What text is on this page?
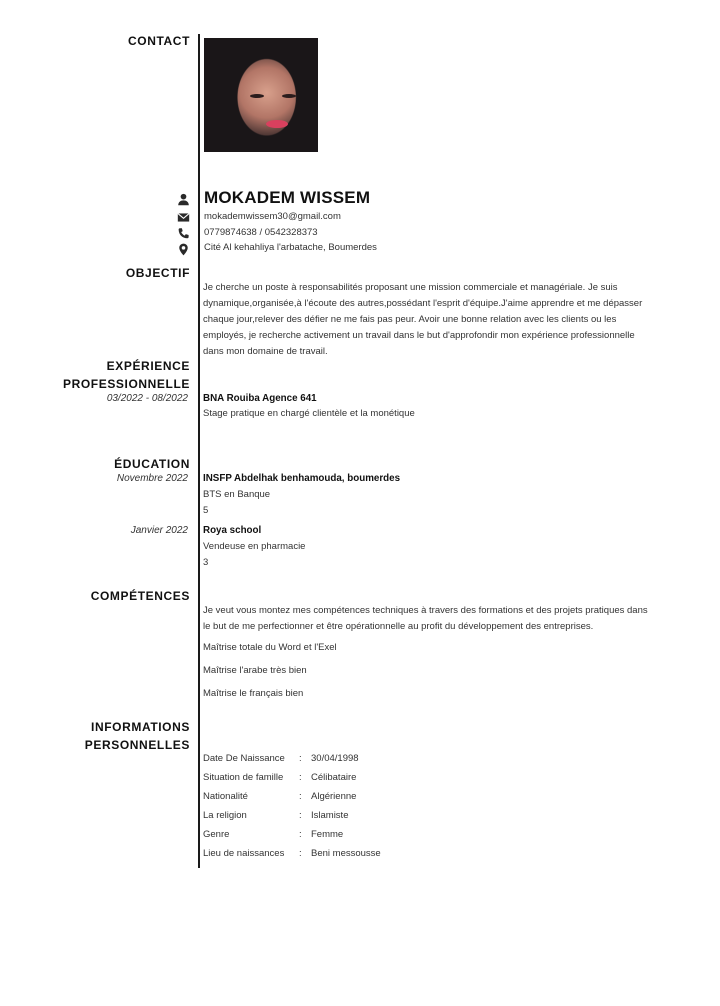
CONTACT
MOKADEM WISSEM
mokademwissem30@gmail.com
0779874638 / 0542328373
Cité Al kehahliya l'arbatache, Boumerdes
OBJECTIF
Je cherche un poste à responsabilités proposant une mission commerciale et managériale. Je suis
dynamique,organisée,à l'écoute des autres,possédant l'esprit d'équipe.J'aime apprendre et me dépasser
chaque jour,relever des défier ne me fais pas peur. Avoir une bonne relation avec les clients ou les
employés, je recherche activement un travail dans le but d'approfondir mon expérience professionnelle
dans mon domaine de travail.
EXPÉRIENCE
PROFESSIONNELLE
03/2022 - 08/2022 BNA Rouiba Agence 641
Stage pratique en chargé clientèle et la monétique
ÉDUCATION
Novembre 2022 INSFP Abdelhak benhamouda, boumerdes
BTS en Banque
5
Janvier 2022 Roya school
Vendeuse en pharmacie
3
COMPÉTENCES
Je veut vous montez mes compétences techniques à travers des formations et des projets pratiques dans
le but de me perfectionner et être opérationnelle au profit du développement des entreprises.
Maîtrise totale du Word et l'Exel
Maîtrise l'arabe très bien
Maîtrise le français bien
INFORMATIONS
PERSONNELLES
Date De Naissance : 30/04/1998
Situation de famille : Célibataire
Nationalité	: Algérienne
La religion	: Islamiste
Genre	: Femme
Lieu de naissances : Beni messousse
